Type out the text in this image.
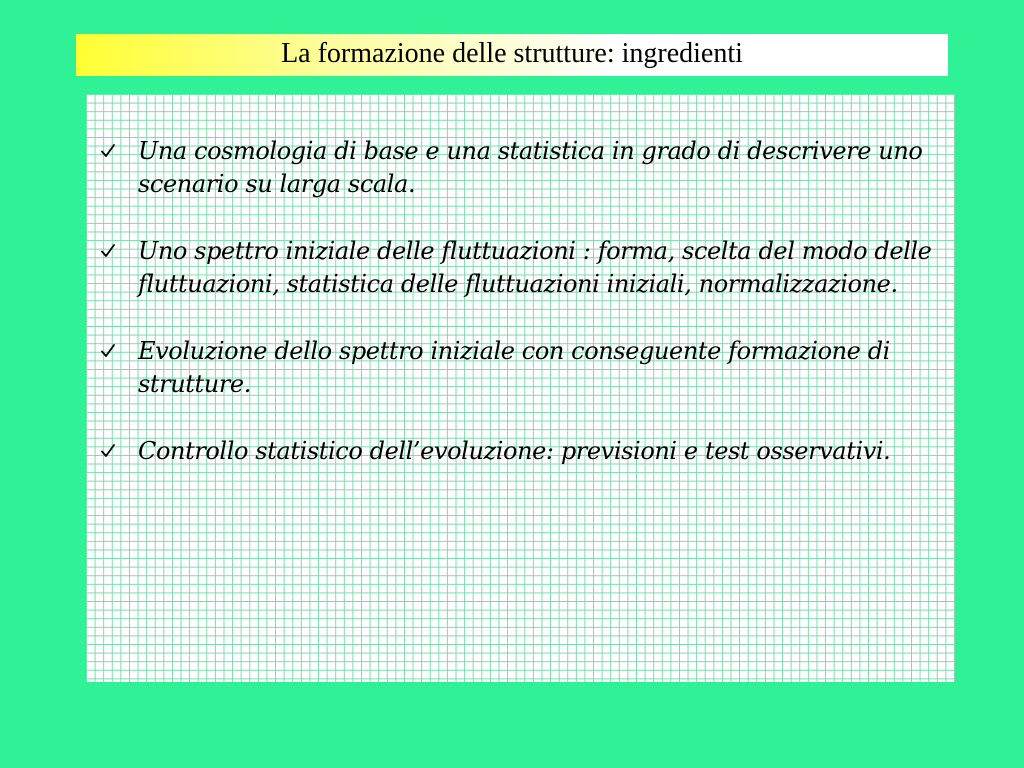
La formazione delle strutture: ingredienti
Una cosmologia di base e una statistica in grado di descrivere uno scenario su larga scala.
Uno spettro iniziale delle fluttuazioni : forma, scelta del modo delle fluttuazioni, statistica delle fluttuazioni iniziali, normalizzazione.
Evoluzione dello spettro iniziale con conseguente formazione di strutture.
Controllo statistico dell’evoluzione: previsioni e test osservativi.
